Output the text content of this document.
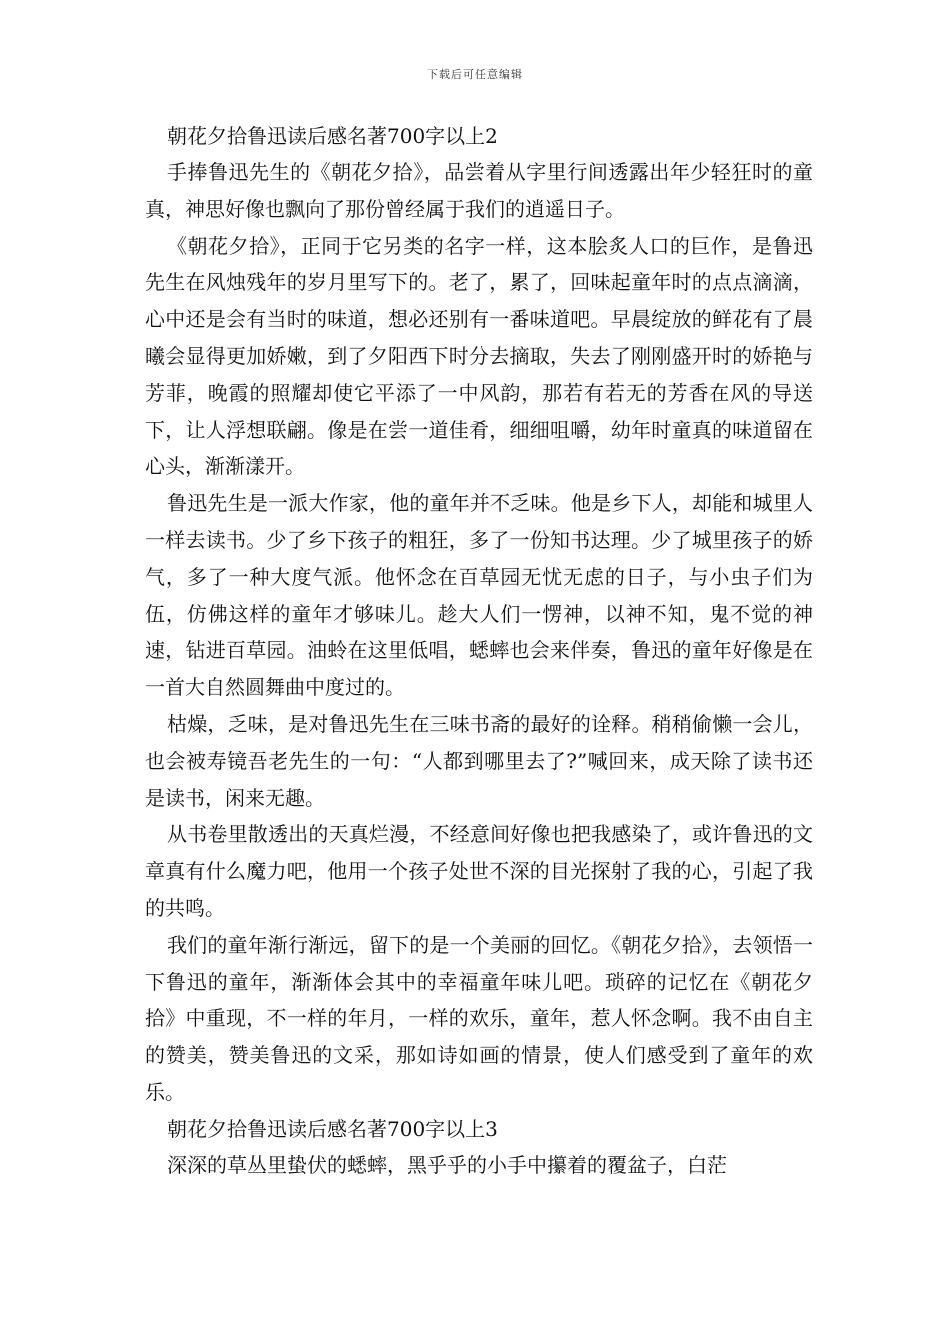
下载后可任意编辑
朝花夕拾鲁迅读后感名著700字以上2

手捧鲁迅先生的《朝花夕拾》，品尝着从字里行间透露出年少轻狂时的童真，神思好像也飘向了那份曾经属于我们的逍遥日子。

《朝花夕拾》，正同于它另类的名字一样，这本脍炙人口的巨作，是鲁迅先生在风烛残年的岁月里写下的。老了，累了，回味起童年时的点点滴滴，心中还是会有当时的味道，想必还别有一番味道吧。早晨绽放的鲜花有了晨曦会显得更加娇嫩，到了夕阳西下时分去摘取，失去了刚刚盛开时的娇艳与芳菲，晚霞的照耀却使它平添了一中风韵，那若有若无的芳香在风的导送下，让人浮想联翩。像是在尝一道佳肴，细细咀嚼，幼年时童真的味道留在心头，渐渐漾开。

鲁迅先生是一派大作家，他的童年并不乏味。他是乡下人，却能和城里人一样去读书。少了乡下孩子的粗狂，多了一份知书达理。少了城里孩子的娇气，多了一种大度气派。他怀念在百草园无忧无虑的日子，与小虫子们为伍，仿佛这样的童年才够味儿。趁大人们一愣神，以神不知，鬼不觉的神速，钻进百草园。油蛉在这里低唱，蟋蟀也会来伴奏，鲁迅的童年好像是在一首大自然圆舞曲中度过的。

枯燥，乏味，是对鲁迅先生在三味书斋的最好的诠释。稍稍偷懒一会儿，也会被寿镜吾老先生的一句：“人都到哪里去了?”喊回来，成天除了读书还是读书，闲来无趣。

从书卷里散透出的天真烂漫，不经意间好像也把我感染了，或许鲁迅的文章真有什么魔力吧，他用一个孩子处世不深的目光探射了我的心，引起了我的共鸣。

我们的童年渐行渐远，留下的是一个美丽的回忆。《朝花夕拾》，去领悟一下鲁迅的童年，渐渐体会其中的幸福童年味儿吧。琐碎的记忆在《朝花夕拾》中重现，不一样的年月，一样的欢乐，童年，惹人怀念啊。我不由自主的赞美，赞美鲁迅的文采，那如诗如画的情景，使人们感受到了童年的欢乐。

朝花夕拾鲁迅读后感名著700字以上3

深深的草丛里蛰伏的蟋蟀，黑乎乎的小手中攥着的覆盆子，白茫
